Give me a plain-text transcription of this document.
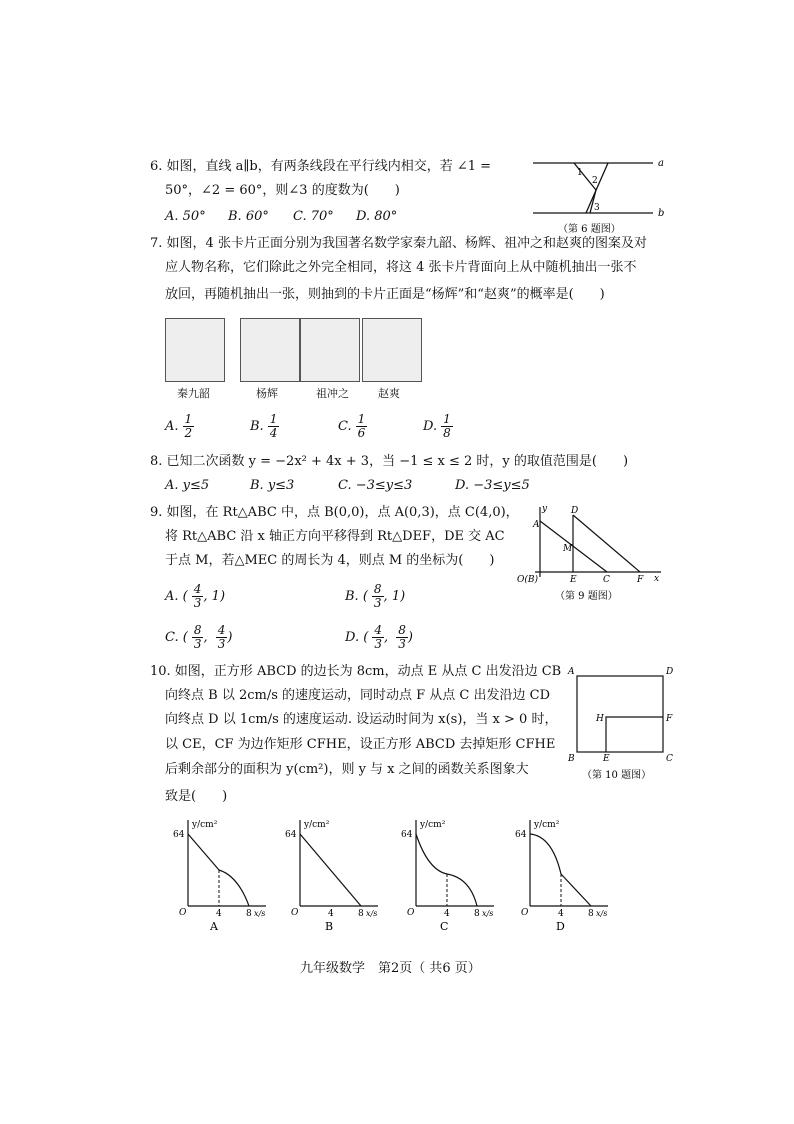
6. 如图，直线 a∥b，有两条线段在平行线内相交，若 ∠1 =
50°，∠2 = 60°，则∠3 的度数为(　　)
A. 50° B. 60° C. 70° D. 80°
a
b
1
2
3
（第 6 题图）
7. 如图，4 张卡片正面分别为我国著名数学家秦九韶、杨辉、祖冲之和赵爽的图案及对
应人物名称，它们除此之外完全相同，将这 4 张卡片背面向上从中随机抽出一张不
放回，再随机抽出一张，则抽到的卡片正面是“杨辉”和“赵爽”的概率是(　　)
秦九韶	杨辉	祖冲之	赵爽
A. $\frac{1}{2}$	B. $\frac{1}{4}$	C. $\frac{1}{6}$	D. $\frac{1}{8}$
8. 已知二次函数 y = −2x² + 4x + 3，当 −1 ≤ x ≤ 2 时，y 的取值范围是(　　)
A. y≤5	B. y≤3	C. −3≤y≤3	D. −3≤y≤5
9. 如图，在 Rt△ABC 中，点 B(0,0)，点 A(0,3)，点 C(4,0)，
将 Rt△ABC 沿 x 轴正方向平移得到 Rt△DEF，DE 交 AC
于点 M，若△MEC 的周长为 4，则点 M 的坐标为(　　)
A. ( $\frac{4}{3}$ , 1)	B. ( $\frac{8}{3}$ , 1)
C. ( $\frac{8}{3}$ , $\frac{4}{3}$ )	D. ( $\frac{4}{3}$ , $\frac{8}{3}$ )
y
A
D
M
O(B)	E	C	F x
（第 9 题图）
10. 如图，正方形 ABCD 的边长为 8cm，动点 E 从点 C 出发沿边 CB
向终点 B 以 2cm/s 的速度运动，同时动点 F 从点 C 出发沿边 CD
向终点 D 以 1cm/s 的速度运动. 设运动时间为 x(s)，当 x > 0 时，
以 CE，CF 为边作矩形 CFHE，设正方形 ABCD 去掉矩形 CFHE
后剩余部分的面积为 y(cm²)，则 y 与 x 之间的函数关系图象大
致是(　　)
A	D
H	F
B	E	C
（第 10 题图）
y/cm²
64
O	4	8 x/s
A
y/cm²
64
O	4	8 x/s
B
y/cm²
64
O	4	8 x/s
C
y/cm²
64
O	4	8 x/s
D
九年级数学　第2页（ 共6 页）
